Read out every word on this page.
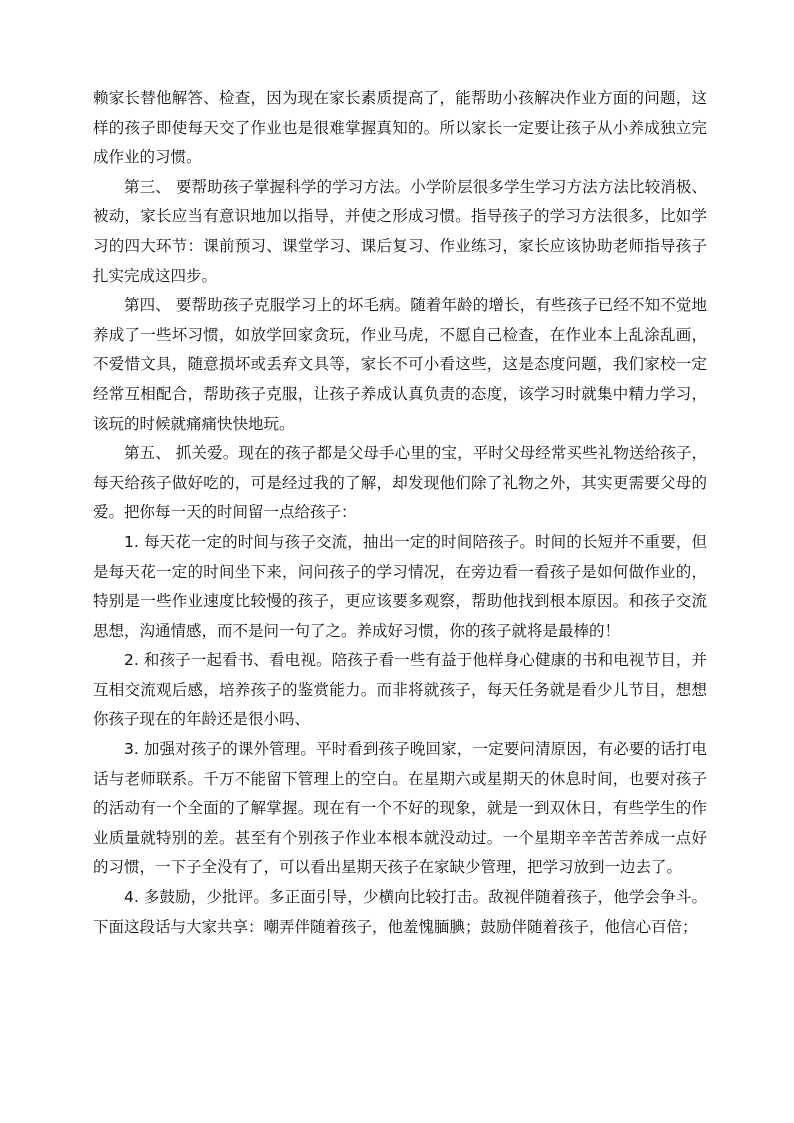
赖家长替他解答、检查，因为现在家长素质提高了，能帮助小孩解决作业方面的问题，这样的孩子即使每天交了作业也是很难掌握真知的。所以家长一定要让孩子从小养成独立完成作业的习惯。

第三、 要帮助孩子掌握科学的学习方法。小学阶层很多学生学习方法方法比较消极、被动，家长应当有意识地加以指导，并使之形成习惯。指导孩子的学习方法很多，比如学习的四大环节：课前预习、课堂学习、课后复习、作业练习，家长应该协助老师指导孩子扎实完成这四步。

第四、 要帮助孩子克服学习上的坏毛病。随着年龄的增长，有些孩子已经不知不觉地养成了一些坏习惯，如放学回家贪玩，作业马虎，不愿自己检查，在作业本上乱涂乱画，不爱惜文具，随意损坏或丢弃文具等，家长不可小看这些，这是态度问题，我们家校一定经常互相配合，帮助孩子克服，让孩子养成认真负责的态度，该学习时就集中精力学习，该玩的时候就痛痛快快地玩。

第五、 抓关爱。现在的孩子都是父母手心里的宝，平时父母经常买些礼物送给孩子，每天给孩子做好吃的，可是经过我的了解，却发现他们除了礼物之外，其实更需要父母的爱。把你每一天的时间留一点给孩子：

1. 每天花一定的时间与孩子交流，抽出一定的时间陪孩子。时间的长短并不重要，但是每天花一定的时间坐下来，问问孩子的学习情况，在旁边看一看孩子是如何做作业的，特别是一些作业速度比较慢的孩子，更应该要多观察，帮助他找到根本原因。和孩子交流思想，沟通情感，而不是问一句了之。养成好习惯，你的孩子就将是最棒的！

2. 和孩子一起看书、看电视。陪孩子看一些有益于他样身心健康的书和电视节目，并互相交流观后感，培养孩子的鉴赏能力。而非将就孩子，每天任务就是看少儿节目，想想你孩子现在的年龄还是很小吗、

3. 加强对孩子的课外管理。平时看到孩子晚回家，一定要问清原因，有必要的话打电话与老师联系。千万不能留下管理上的空白。在星期六或星期天的休息时间，也要对孩子的活动有一个全面的了解掌握。现在有一个不好的现象，就是一到双休日，有些学生的作业质量就特别的差。甚至有个别孩子作业本根本就没动过。一个星期辛辛苦苦养成一点好的习惯，一下子全没有了，可以看出星期天孩子在家缺少管理，把学习放到一边去了。

4. 多鼓励，少批评。多正面引导，少横向比较打击。敌视伴随着孩子，他学会争斗。下面这段话与大家共享：嘲弄伴随着孩子，他羞愧腼腆；鼓励伴随着孩子，他信心百倍；
